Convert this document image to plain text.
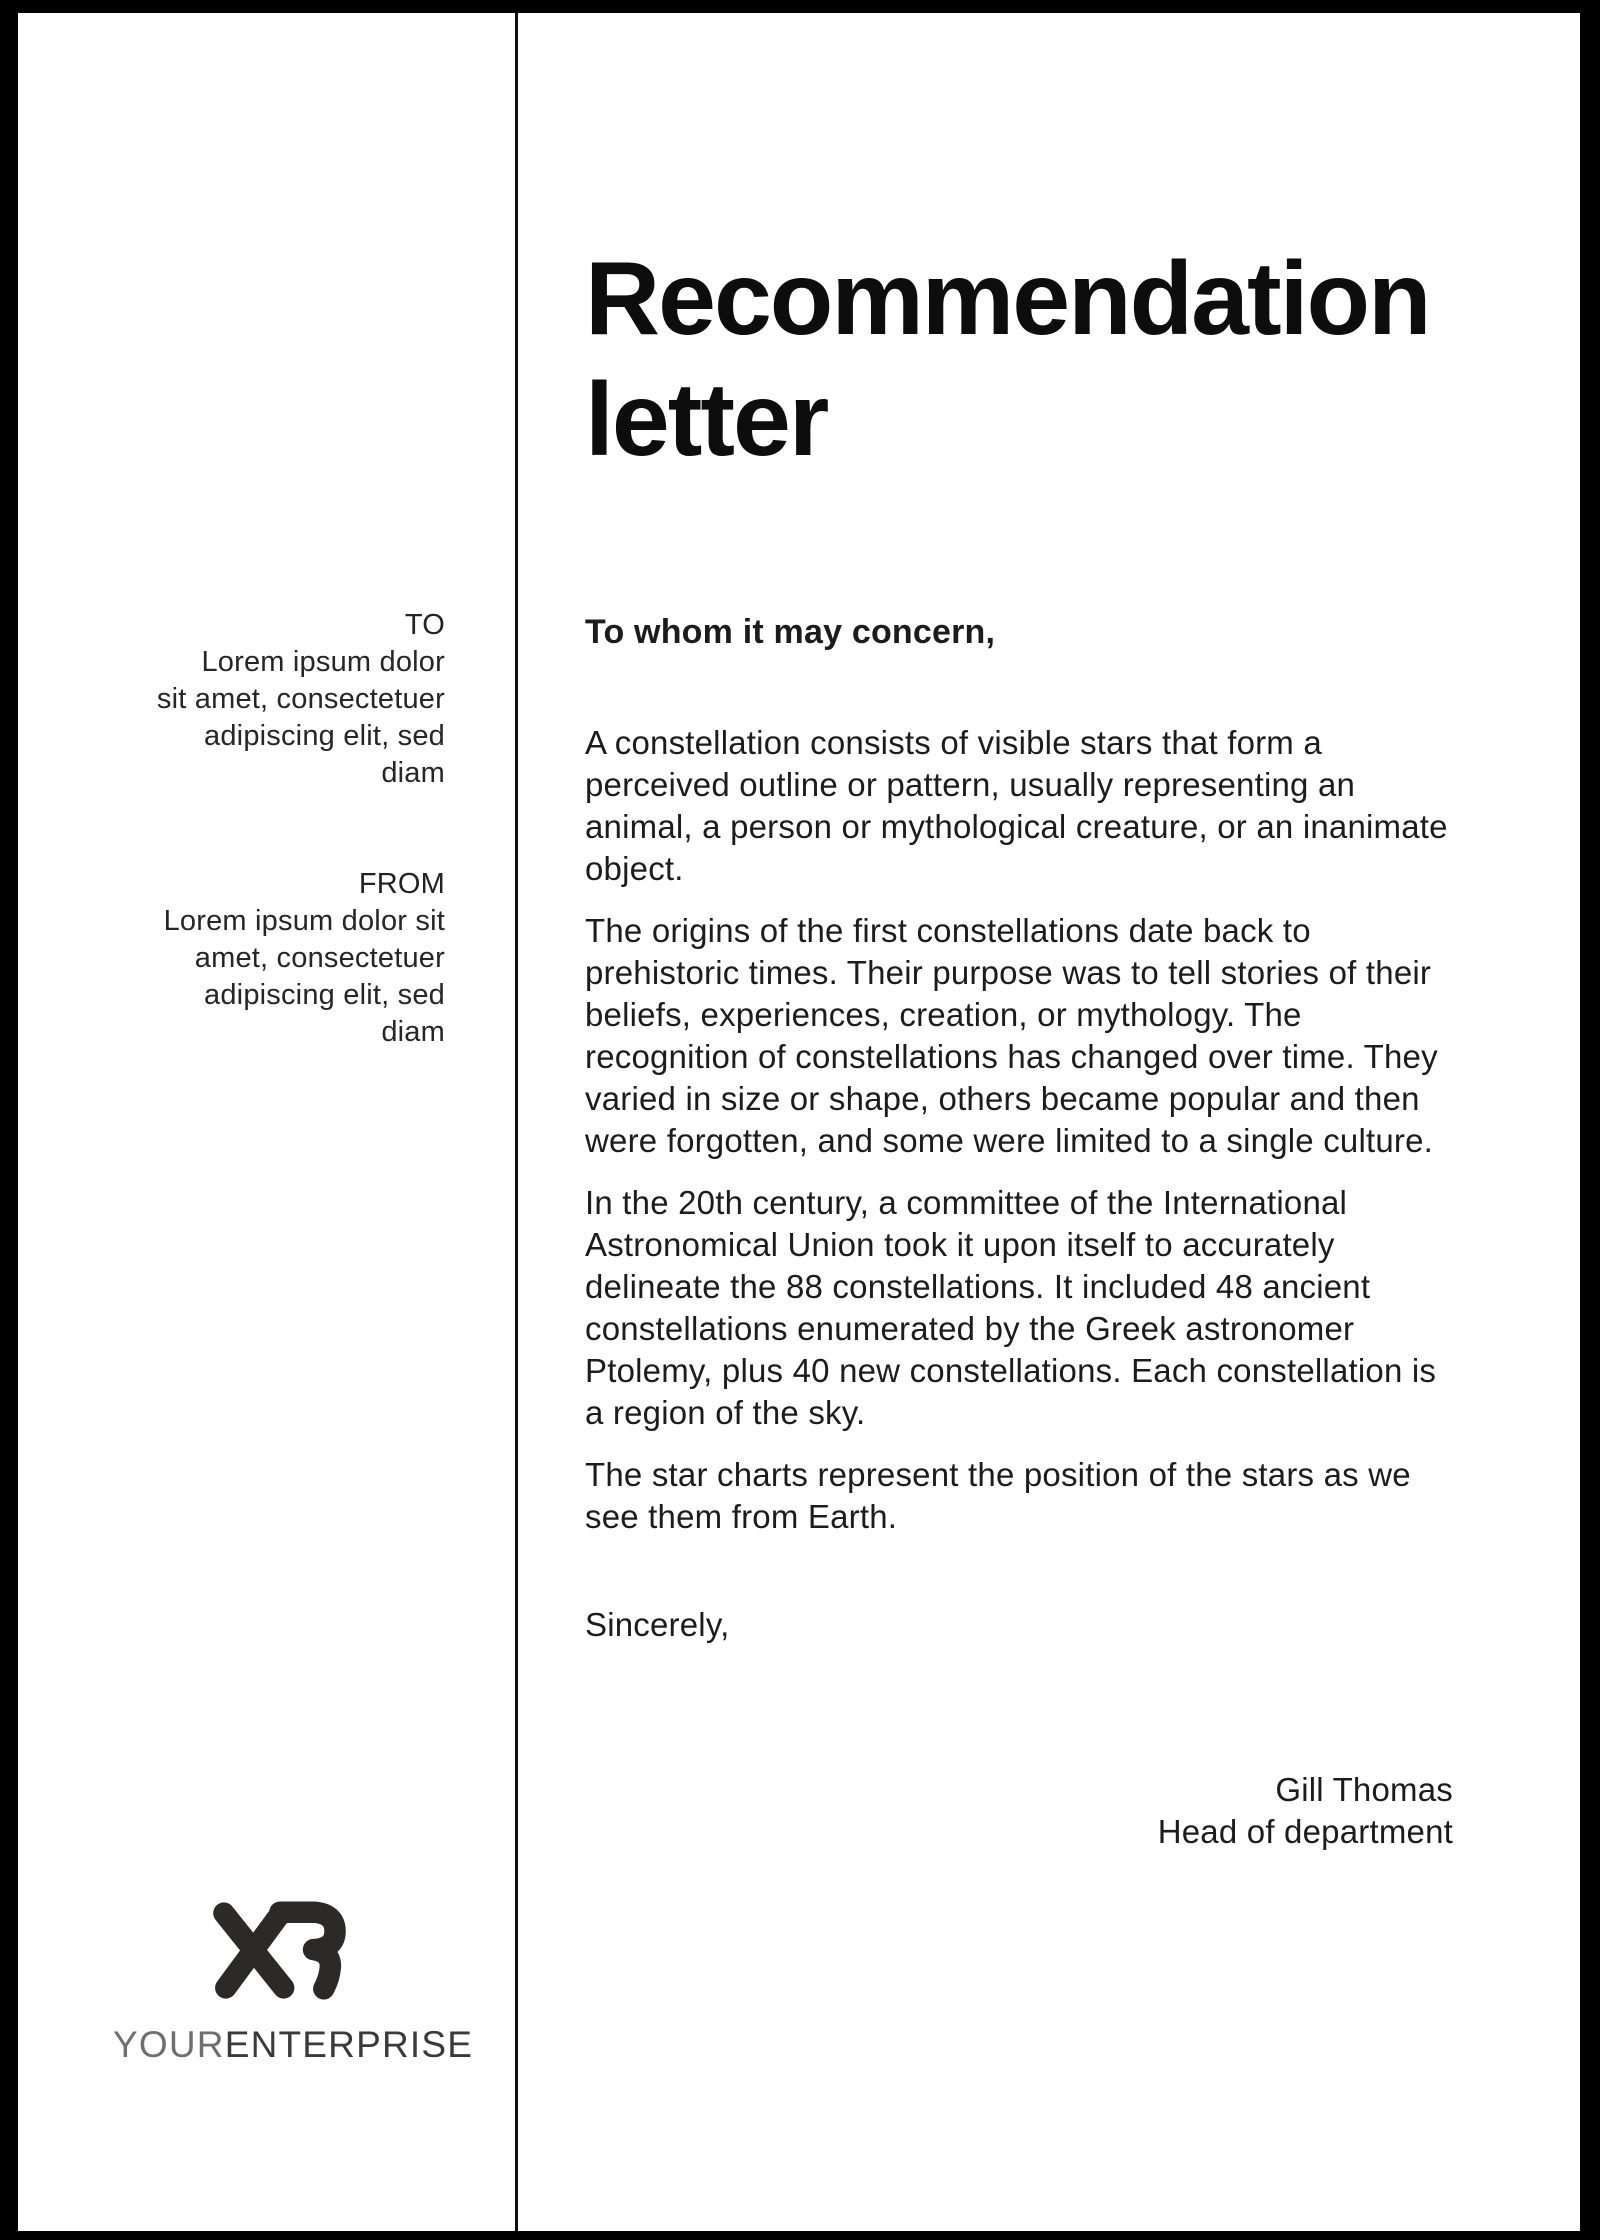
TO
Lorem ipsum dolor
sit amet, consectetuer
adipiscing elit, sed
diam
FROM
Lorem ipsum dolor sit
amet, consectetuer
adipiscing elit, sed
diam
Recommendation letter

To whom it may concern,

A constellation consists of visible stars that form a perceived outline or pattern, usually representing an animal, a person or mythological creature, or an inanimate object.

The origins of the first constellations date back to prehistoric times. Their purpose was to tell stories of their beliefs, experiences, creation, or mythology. The recognition of constellations has changed over time. They varied in size or shape, others became popular and then were forgotten, and some were limited to a single culture.

In the 20th century, a committee of the International Astronomical Union took it upon itself to accurately delineate the 88 constellations. It included 48 ancient constellations enumerated by the Greek astronomer Ptolemy, plus 40 new constellations. Each constellation is a region of the sky.

The star charts represent the position of the stars as we see them from Earth.

Sincerely,

Gill Thomas
Head of department
YOURENTERPRISE
